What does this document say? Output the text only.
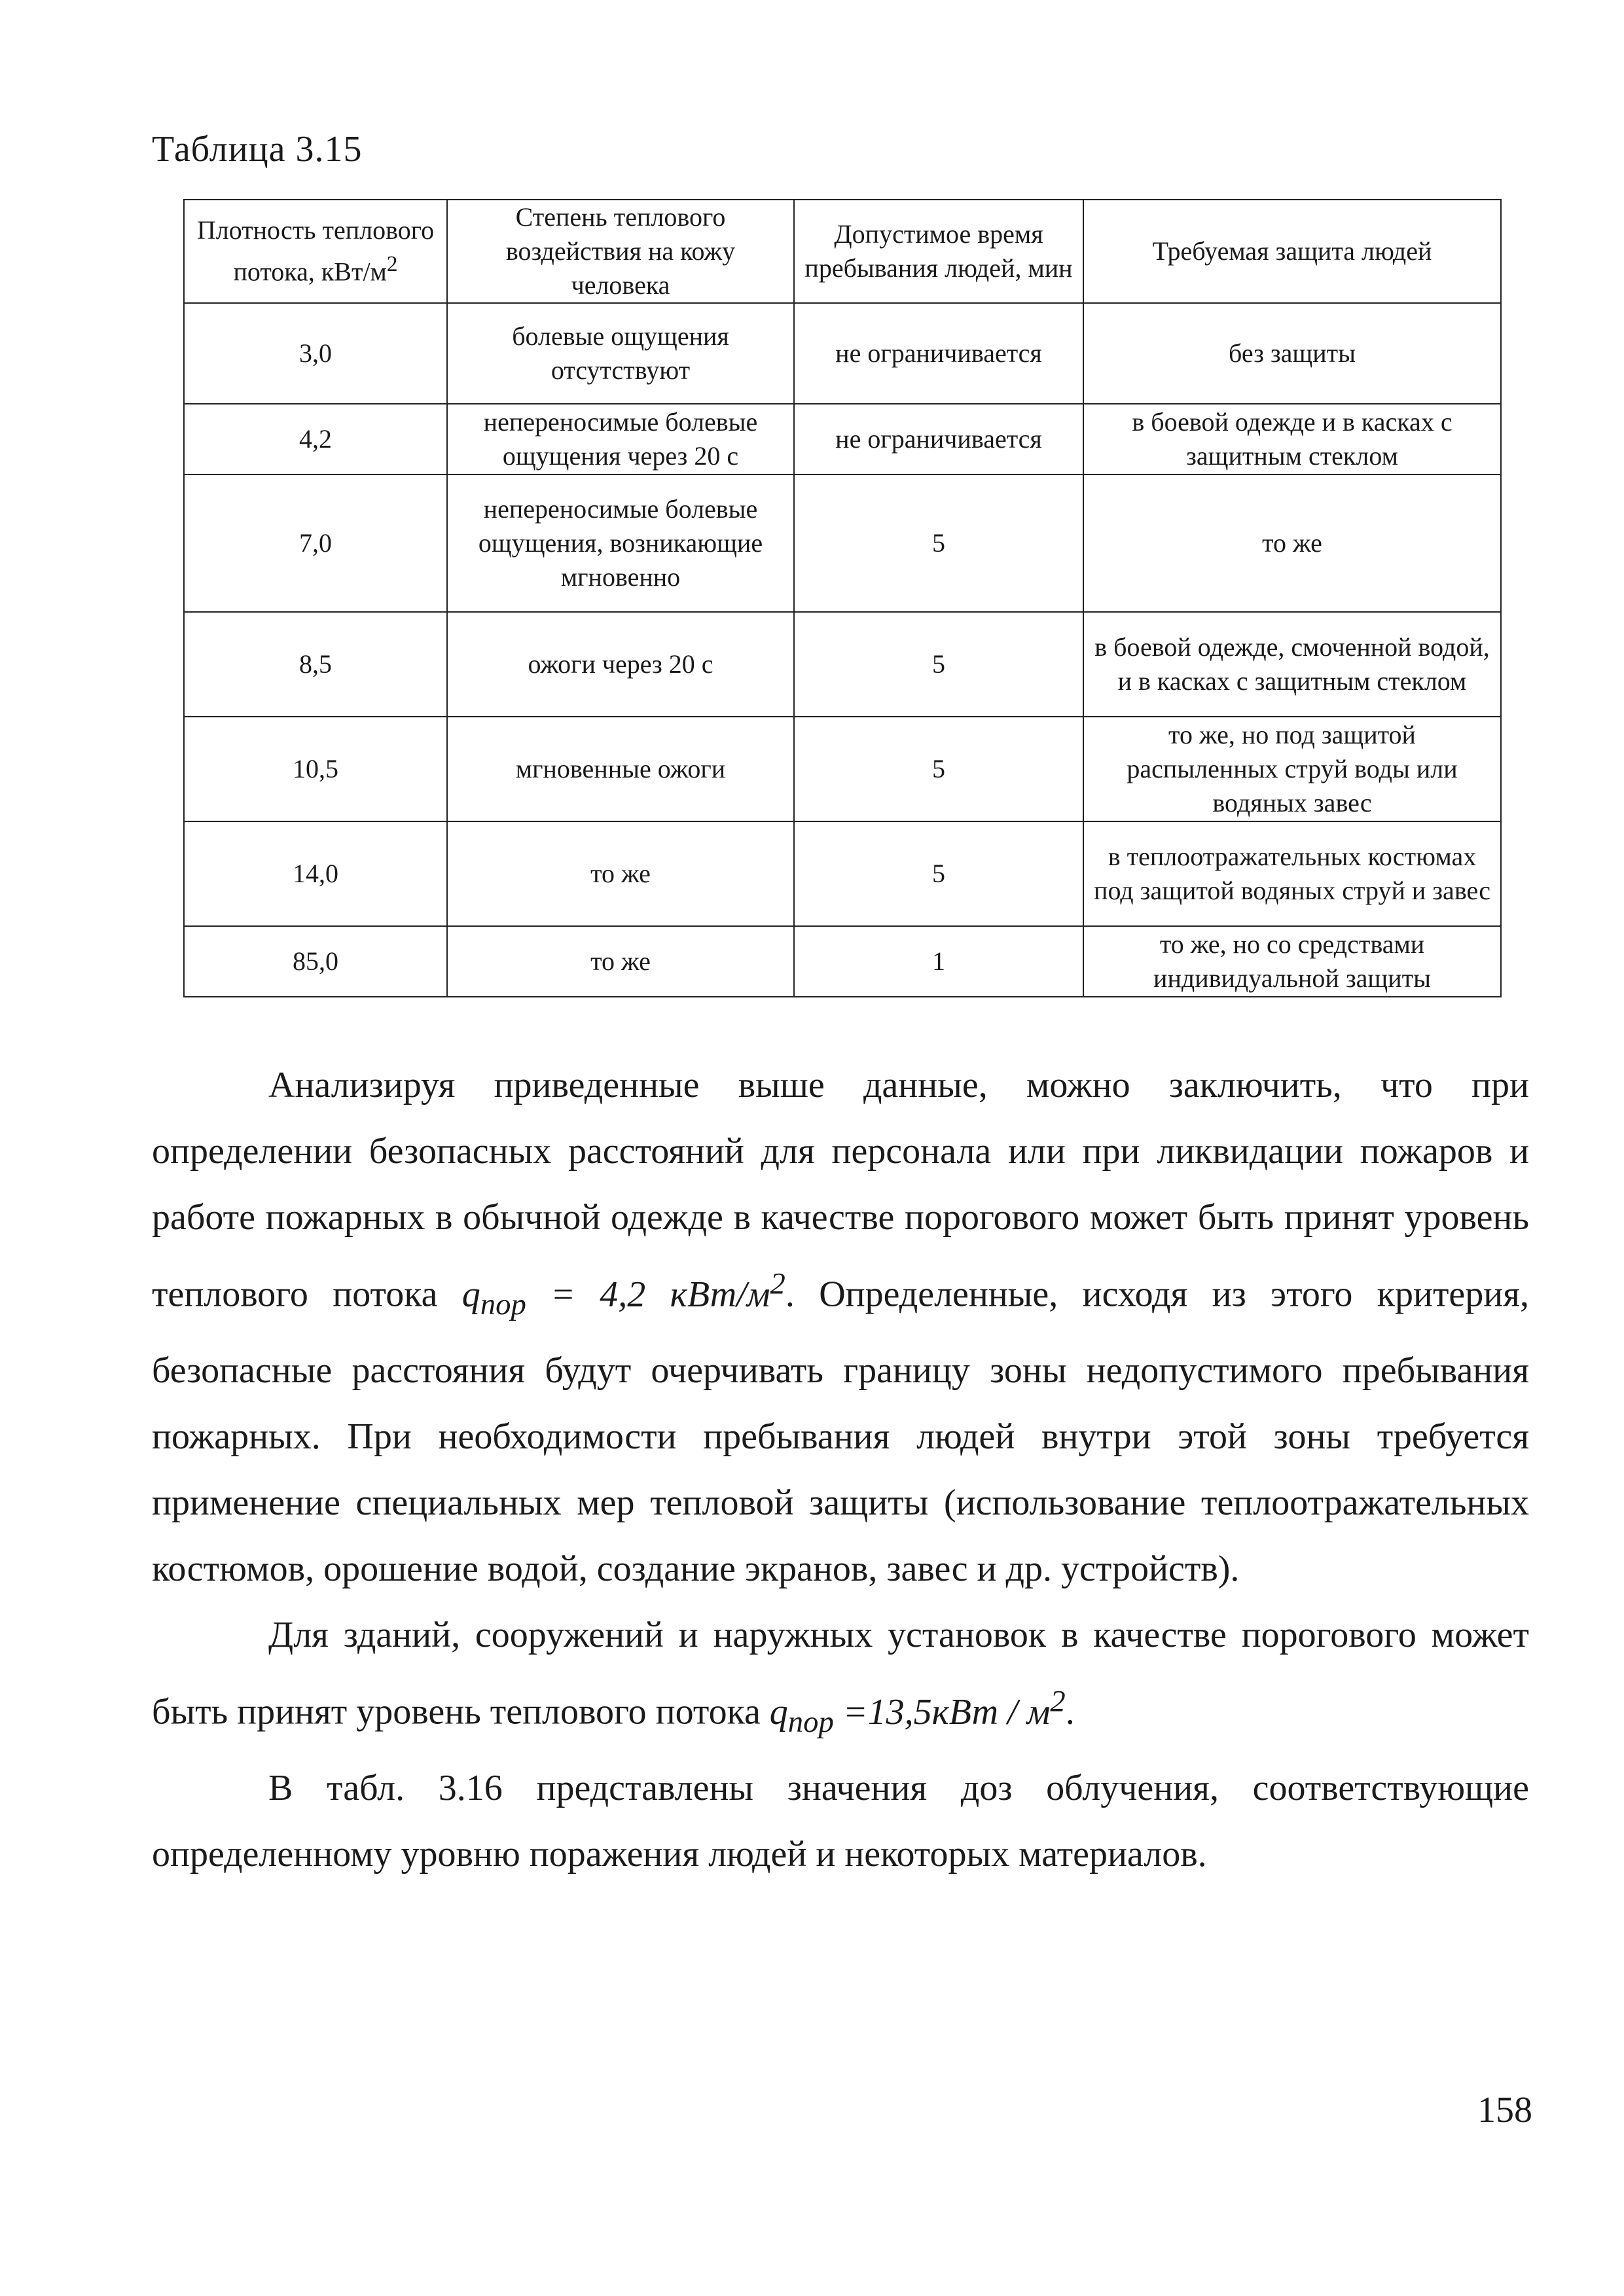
Таблица 3.15
Плотность теплового потока, кВт/$м^2$	Степень теплового воздействия на кожу человека	Допустимое время пребывания людей, мин	Требуемая защита людей
3,0	болевые ощущения отсутствуют	не ограничивается	без защиты
4,2	непереносимые болевые ощущения через 20 с	не ограничивается	в боевой одежде и в касках с защитным стеклом
7,0	непереносимые болевые ощущения, возникающие мгновенно	5	то же
8,5	ожоги через 20 с	5	в боевой одежде, смоченной водой, и в касках с защитным стеклом
10,5	мгновенные ожоги	5	то же, но под защитой распыленных струй воды или водяных завес
14,0	то же	5	в теплоотражательных костюмах под защитой водяных струй и завес
85,0	то же	1	то же, но со средствами индивидуальной защиты

Анализируя приведенные выше данные, можно заключить, что при определении безопасных расстояний для персонала или при ликвидации пожаров и работе пожарных в обычной одежде в качестве порогового может быть принят уровень теплового потока $q_{пор} = 4,2$ кВт/$м^2$. Определенные, исходя из этого критерия, безопасные расстояния будут очерчивать границу зоны недопустимого пребывания пожарных. При необходимости пребывания людей внутри этой зоны требуется применение специальных мер тепловой защиты (использование теплоотражательных костюмов, орошение водой, создание экранов, завес и др. устройств).

Для зданий, сооружений и наружных установок в качестве порогового может быть принят уровень теплового потока $q_{пор} =13,5кВт / м^2$.

В табл. 3.16 представлены значения доз облучения, соответствующие определенному уровню поражения людей и некоторых материалов.

158
